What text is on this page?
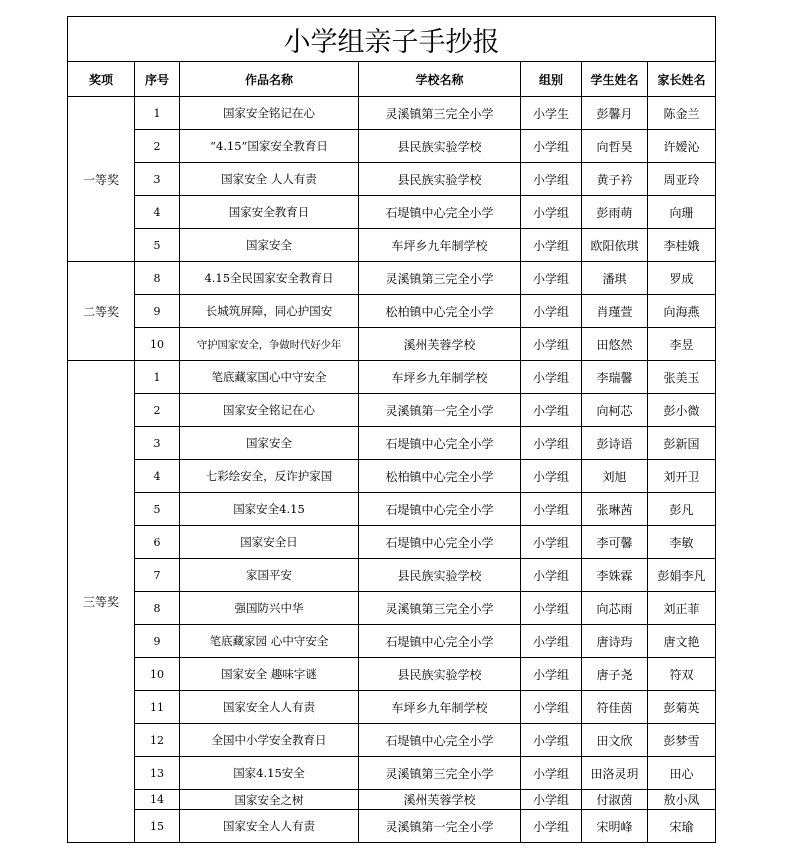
小学组亲子手抄报						
奖项	序号	作品名称	学校名称	组别	学生姓名	家长姓名
一等奖	1	国家安全铭记在心	灵溪镇第三完全小学	小学生	彭馨月	陈金兰
	2	“4.15”国家安全教育日	县民族实验学校	小学组	向哲昊	许嫒沁
	3	国家安全 人人有责	县民族实验学校	小学组	黄子衿	周亚玲
	4	国家安全教育日	石堤镇中心完全小学	小学组	彭雨萌	向珊
	5	国家安全	车坪乡九年制学校	小学组	欧阳依琪	李桂娥
二等奖	8	4.15全民国家安全教育日	灵溪镇第三完全小学	小学组	潘琪	罗成
	9	长城筑屏障，同心护国安	松柏镇中心完全小学	小学组	肖瑾萱	向海燕
	10	守护国家安全，争做时代好少年	溪州芙蓉学校	小学组	田悠然	李昱
三等奖	1	笔底藏家国心中守安全	车坪乡九年制学校	小学组	李瑞馨	张美玉
	2	国家安全铭记在心	灵溪镇第一完全小学	小学组	向柯芯	彭小微
	3	国家安全	石堤镇中心完全小学	小学组	彭诗语	彭新国
	4	七彩绘安全，反诈护家国	松柏镇中心完全小学	小学组	刘旭	刘开卫
	5	国家安全4.15	石堤镇中心完全小学	小学组	张琳茜	彭凡
	6	国家安全日	石堤镇中心完全小学	小学组	李可馨	李敏
	7	家国平安	县民族实验学校	小学组	李姝霖	彭娟李凡
	8	强国防兴中华	灵溪镇第三完全小学	小学组	向芯雨	刘正菲
	9	笔底藏家园 心中守安全	石堤镇中心完全小学	小学组	唐诗玙	唐文艳
	10	国家安全 趣味字谜	县民族实验学校	小学组	唐子尧	符双
	11	国家安全人人有责	车坪乡九年制学校	小学组	符佳茵	彭菊英
	12	全国中小学安全教育日	石堤镇中心完全小学	小学组	田文欣	彭梦雪
	13	国家4.15安全	灵溪镇第三完全小学	小学组	田洛灵玥	田心
	14	国家安全之树	溪州芙蓉学校	小学组	付淑茵	敖小凤
	15	国家安全人人有责	灵溪镇第一完全小学	小学组	宋明峰	宋瑜
